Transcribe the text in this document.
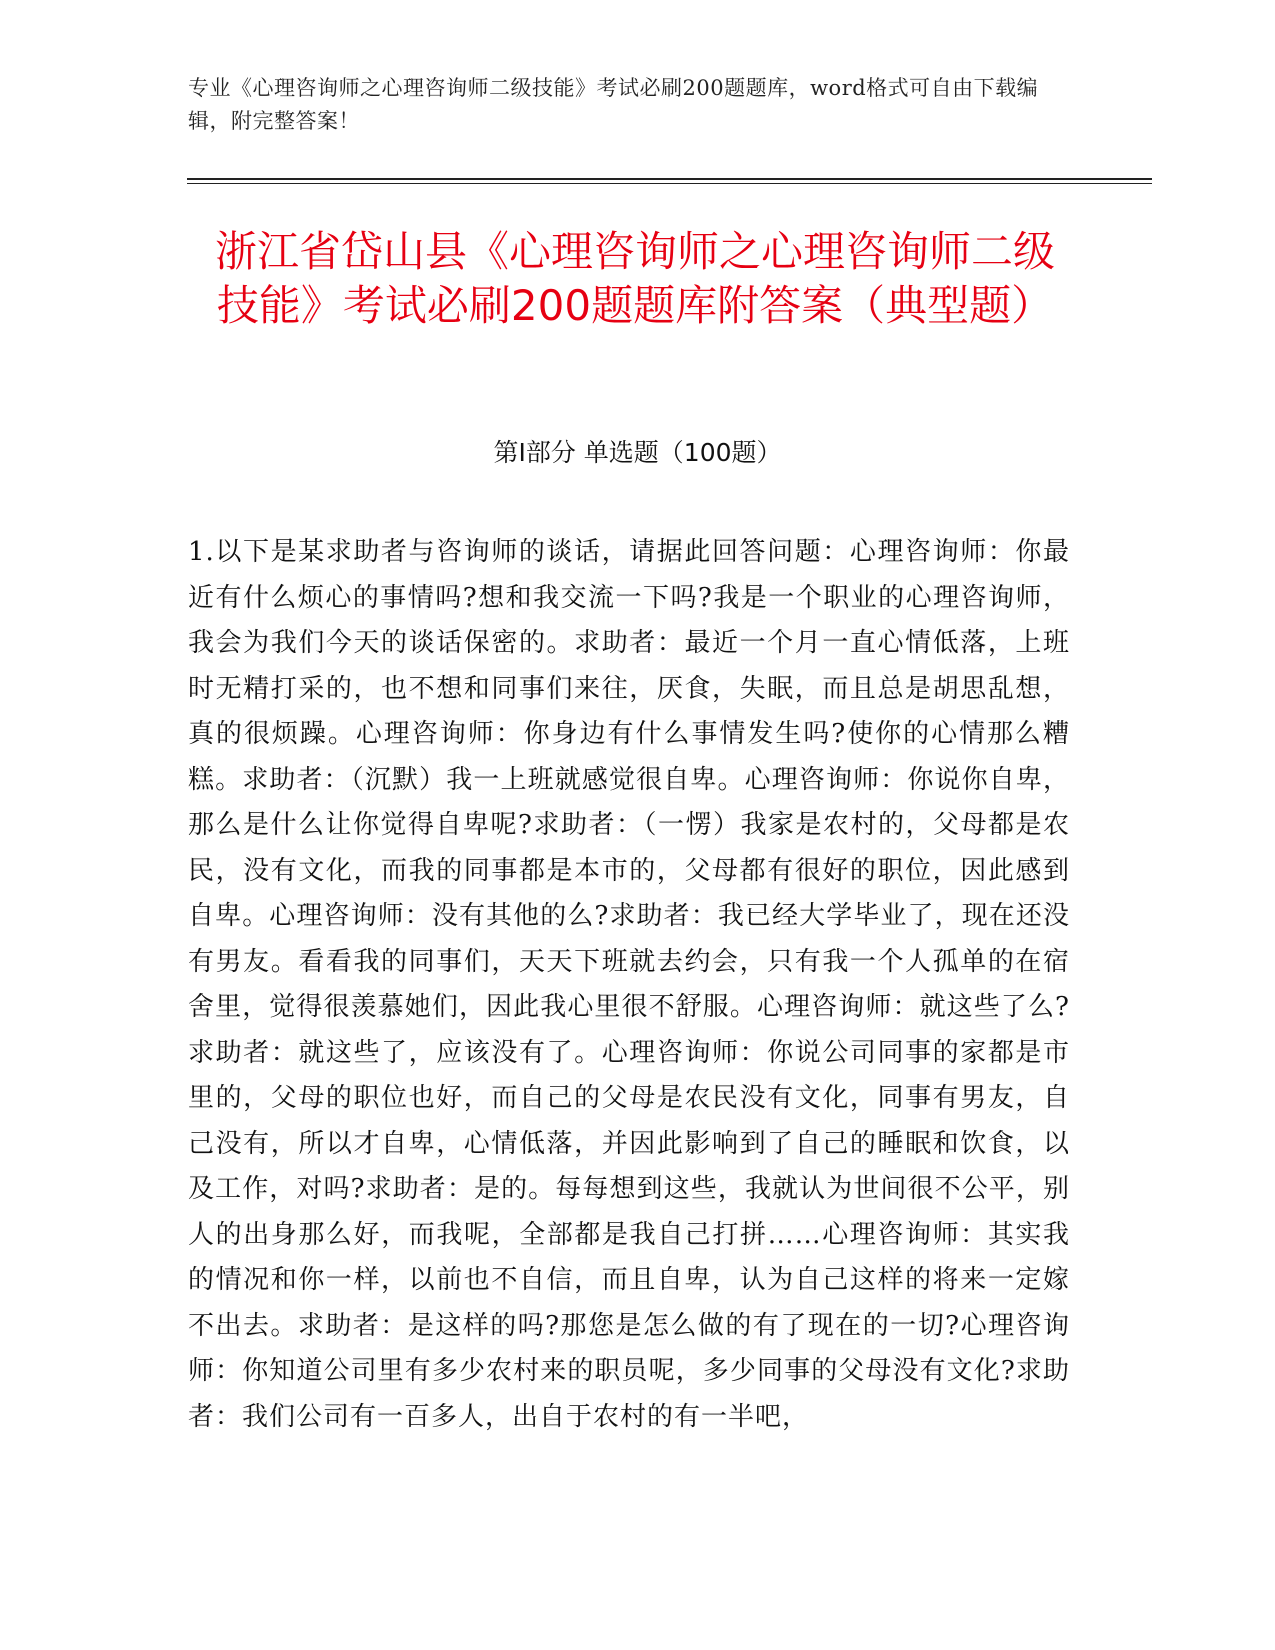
专业《心理咨询师之心理咨询师二级技能》考试必刷200题题库，word格式可自由下载编辑，附完整答案！
浙江省岱山县《心理咨询师之心理咨询师二级技能》考试必刷200题题库附答案（典型题）
第Ⅰ部分 单选题（100题）

1.以下是某求助者与咨询师的谈话，请据此回答问题：心理咨询师：你最近有什么烦心的事情吗?想和我交流一下吗?我是一个职业的心理咨询师，我会为我们今天的谈话保密的。求助者：最近一个月一直心情低落，上班时无精打采的，也不想和同事们来往，厌食，失眠，而且总是胡思乱想，真的很烦躁。心理咨询师：你身边有什么事情发生吗?使你的心情那么糟糕。求助者：（沉默）我一上班就感觉很自卑。心理咨询师：你说你自卑，那么是什么让你觉得自卑呢?求助者：（一愣）我家是农村的，父母都是农民，没有文化，而我的同事都是本市的，父母都有很好的职位，因此感到自卑。心理咨询师：没有其他的么?求助者：我已经大学毕业了，现在还没有男友。看看我的同事们，天天下班就去约会，只有我一个人孤单的在宿舍里，觉得很羡慕她们，因此我心里很不舒服。心理咨询师：就这些了么?求助者：就这些了，应该没有了。心理咨询师：你说公司同事的家都是市里的，父母的职位也好，而自己的父母是农民没有文化，同事有男友，自己没有，所以才自卑，心情低落，并因此影响到了自己的睡眠和饮食，以及工作，对吗?求助者：是的。每每想到这些，我就认为世间很不公平，别人的出身那么好，而我呢，全部都是我自己打拼……心理咨询师：其实我的情况和你一样，以前也不自信，而且自卑，认为自己这样的将来一定嫁不出去。求助者：是这样的吗?那您是怎么做的有了现在的一切?心理咨询师：你知道公司里有多少农村来的职员呢，多少同事的父母没有文化?求助者：我们公司有一百多人，出自于农村的有一半吧，
